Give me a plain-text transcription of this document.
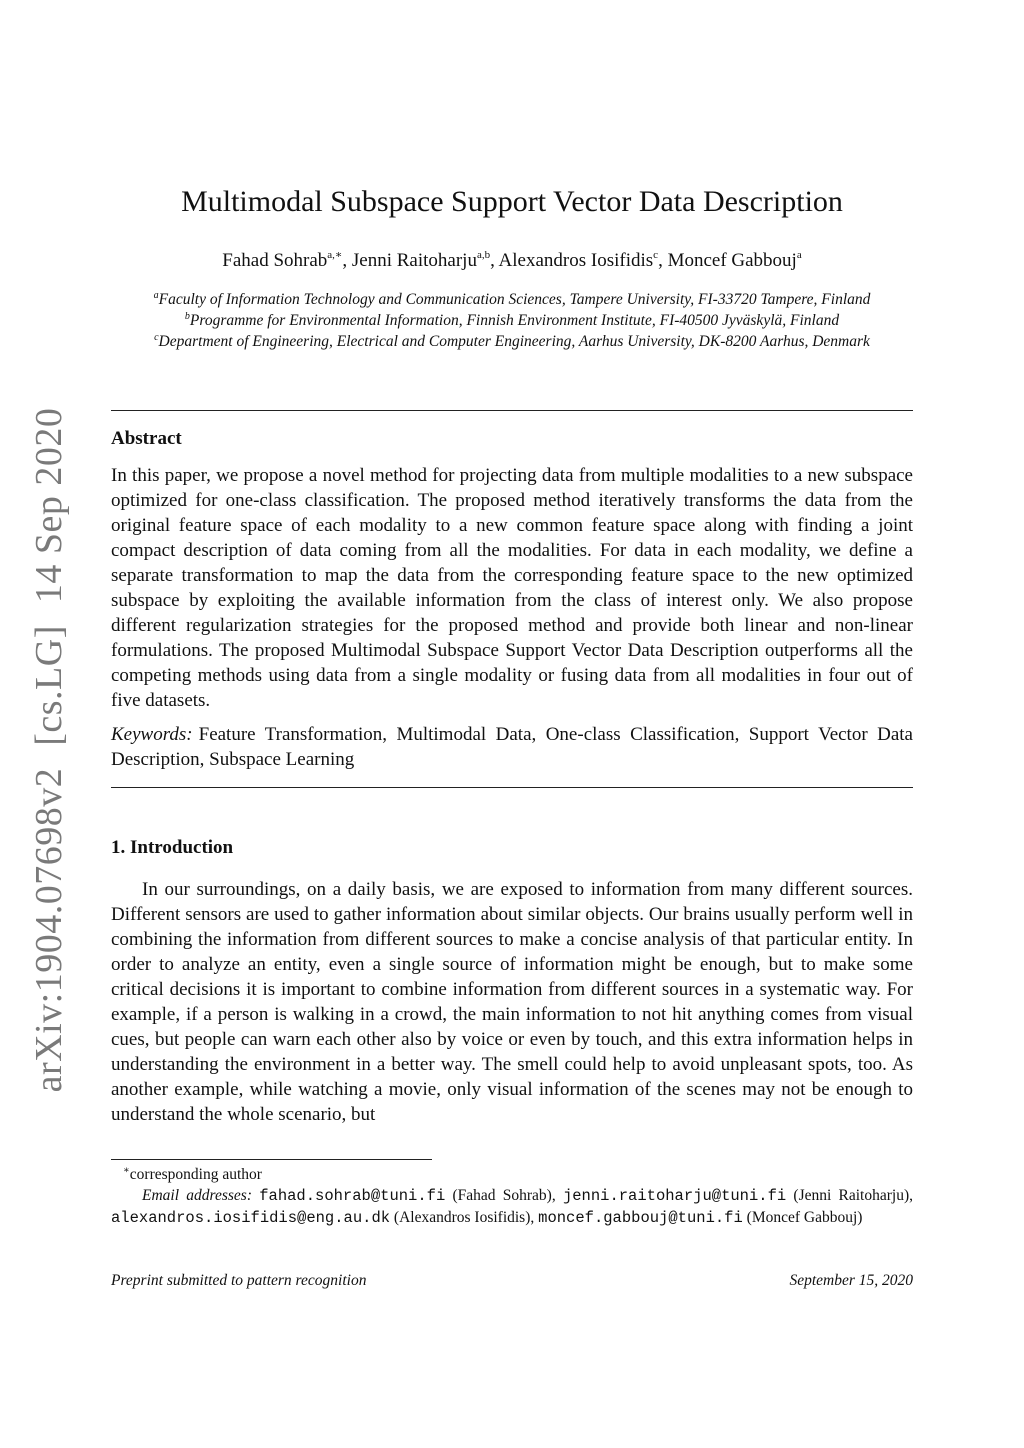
arXiv:1904.07698v2 [cs.LG] 14 Sep 2020
Multimodal Subspace Support Vector Data Description
Fahad Sohrab$^{a,∗}$, Jenni Raitoharju$^{a,b}$, Alexandros Iosifidis$^c$, Moncef Gabbouj$^a$
$^a$Faculty of Information Technology and Communication Sciences, Tampere University, FI-33720 Tampere, Finland
$^b$Programme for Environmental Information, Finnish Environment Institute, FI-40500 Jyväskylä, Finland
$^c$Department of Engineering, Electrical and Computer Engineering, Aarhus University, DK-8200 Aarhus, Denmark
Abstract
In this paper, we propose a novel method for projecting data from multiple modalities to a new subspace optimized for one-class classification. The proposed method iteratively transforms the data from the original feature space of each modality to a new common feature space along with finding a joint compact description of data coming from all the modalities. For data in each modality, we define a separate transformation to map the data from the corresponding feature space to the new optimized subspace by exploiting the available information from the class of interest only. We also propose different regularization strategies for the proposed method and provide both linear and non-linear formulations. The proposed Multimodal Subspace Support Vector Data Description outperforms all the competing methods using data from a single modality or fusing data from all modalities in four out of five datasets.
Keywords: Feature Transformation, Multimodal Data, One-class Classification, Support Vector Data Description, Subspace Learning
1. Introduction
In our surroundings, on a daily basis, we are exposed to information from many different sources. Different sensors are used to gather information about similar objects. Our brains usually perform well in combining the information from different sources to make a concise analysis of that particular entity. In order to analyze an entity, even a single source of information might be enough, but to make some critical decisions it is important to combine information from different sources in a systematic way. For example, if a person is walking in a crowd, the main information to not hit anything comes from visual cues, but people can warn each other also by voice or even by touch, and this extra information helps in understanding the environment in a better way. The smell could help to avoid unpleasant spots, too. As another example, while watching a movie, only visual information of the scenes may not be enough to understand the whole scenario, but
∗corresponding author
Email addresses: fahad.sohrab@tuni.fi (Fahad Sohrab), jenni.raitoharju@tuni.fi (Jenni Raitoharju), alexandros.iosifidis@eng.au.dk (Alexandros Iosifidis), moncef.gabbouj@tuni.fi (Moncef Gabbouj)
Preprint submitted to pattern recognition	September 15, 2020
